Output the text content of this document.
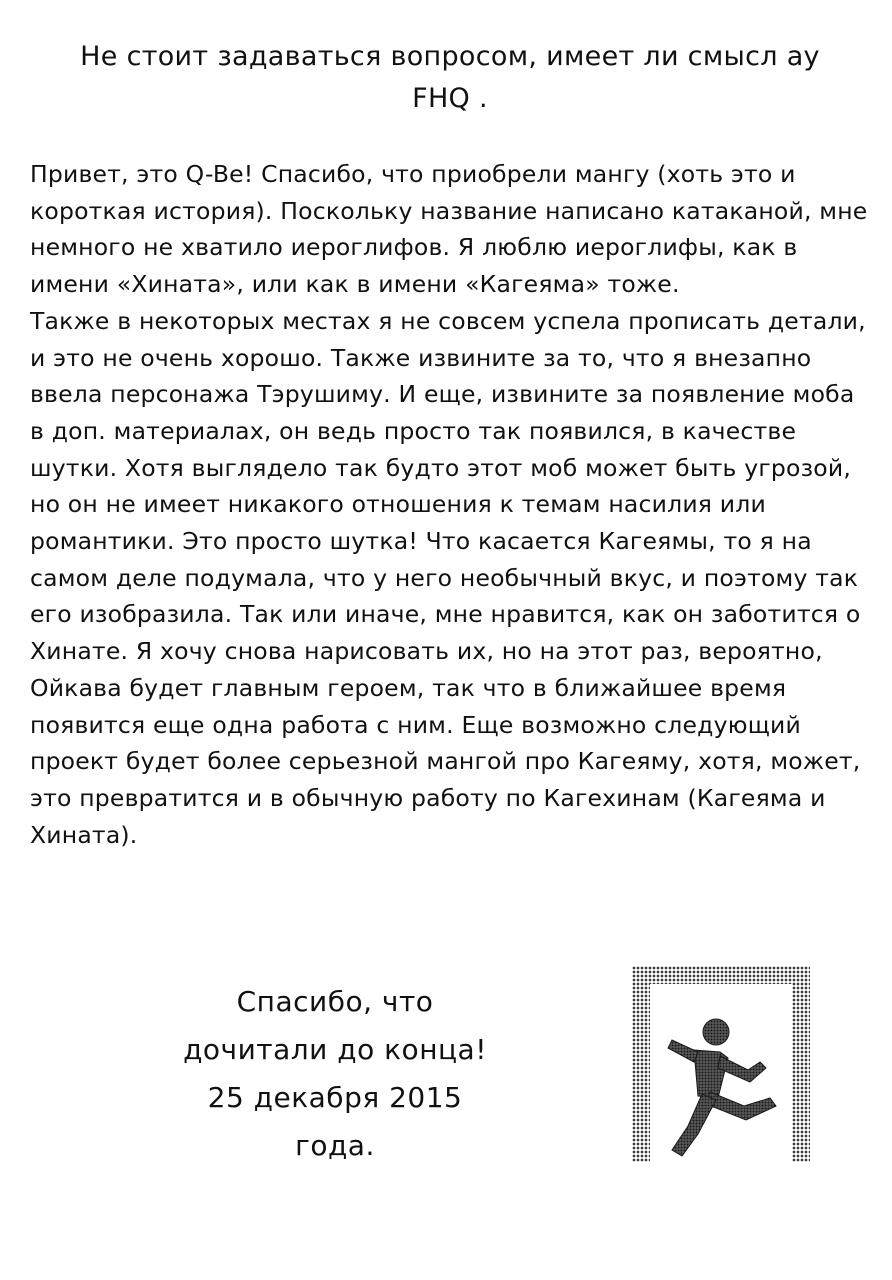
Не стоит задаваться вопросом, имеет ли смысл ау
FHQ .

Привет, это Q-Be! Спасибо, что приобрели мангу (хоть это и короткая история). Поскольку название написано катаканой, мне немного не хватило иероглифов. Я люблю иероглифы, как в имени «Хината», или как в имени «Кагеяма» тоже.

Также в некоторых местах я не совсем успела прописать детали, и это не очень хорошо. Также извините за то, что я внезапно ввела персонажа Тэрушиму. И еще, извините за появление моба в доп. материалах, он ведь просто так появился, в качестве шутки. Хотя выглядело так будто этот моб может быть угрозой, но он не имеет никакого отношения к темам насилия или романтики. Это просто шутка! Что касается Кагеямы, то я на самом деле подумала, что у него необычный вкус, и поэтому так его изобразила. Так или иначе, мне нравится, как он заботится о Хинате. Я хочу снова нарисовать их, но на этот раз, вероятно, Ойкава будет главным героем, так что в ближайшее время появится еще одна работа с ним. Еще возможно следующий проект будет более серьезной мангой про Кагеяму, хотя, может, это превратится и в обычную работу по Кагехинам (Кагеяма и Хината).

Спасибо, что
дочитали до конца!
25 декабря 2015
года.
